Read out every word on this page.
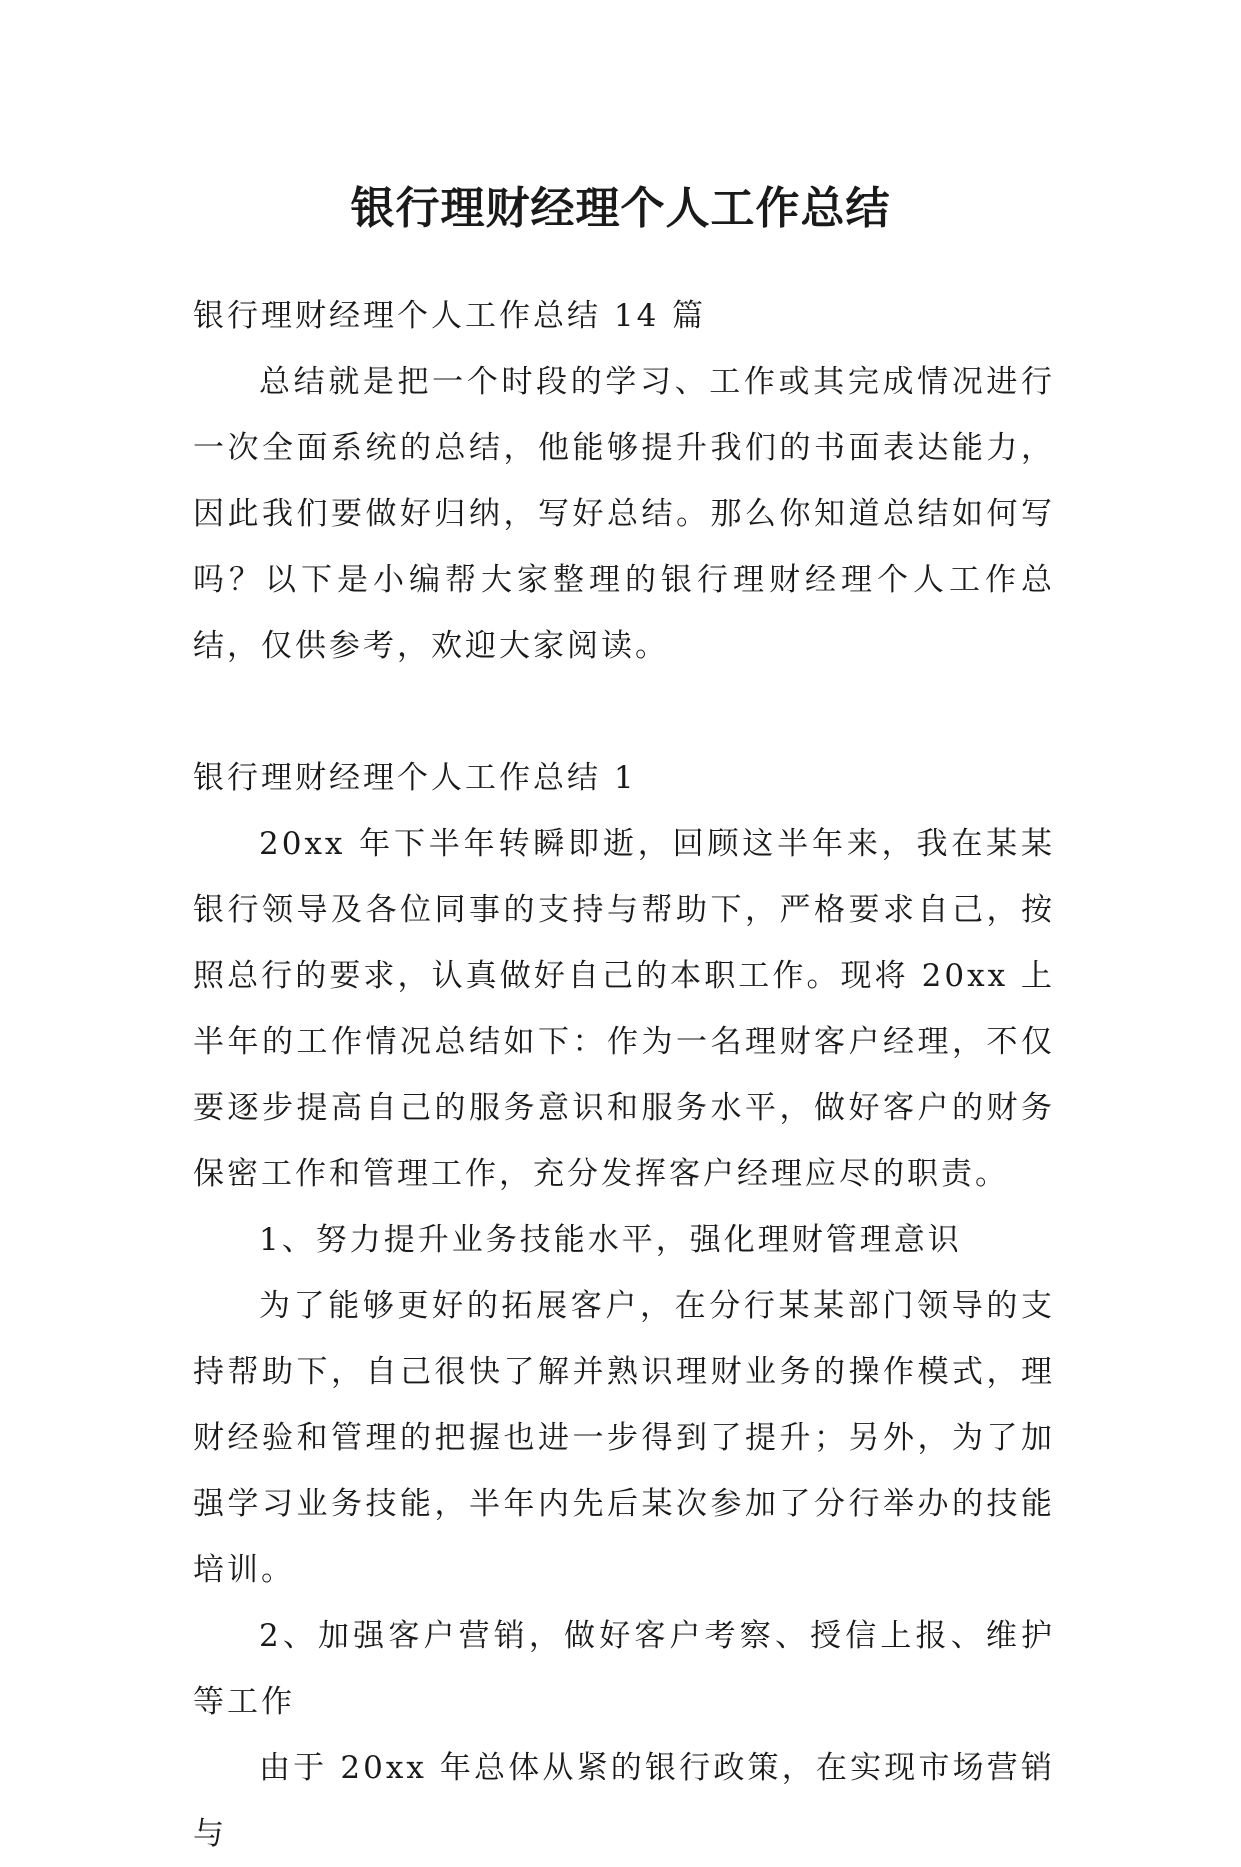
银行理财经理个人工作总结

银行理财经理个人工作总结 14 篇

总结就是把一个时段的学习、工作或其完成情况进行一次全面系统的总结，他能够提升我们的书面表达能力，因此我们要做好归纳，写好总结。那么你知道总结如何写吗？以下是小编帮大家整理的银行理财经理个人工作总结，仅供参考，欢迎大家阅读。

银行理财经理个人工作总结 1

20xx 年下半年转瞬即逝，回顾这半年来，我在某某银行领导及各位同事的支持与帮助下，严格要求自己，按照总行的要求，认真做好自己的本职工作。现将 20xx 上半年的工作情况总结如下：作为一名理财客户经理，不仅要逐步提高自己的服务意识和服务水平，做好客户的财务保密工作和管理工作，充分发挥客户经理应尽的职责。

1、努力提升业务技能水平，强化理财管理意识

为了能够更好的拓展客户，在分行某某部门领导的支持帮助下，自己很快了解并熟识理财业务的操作模式，理财经验和管理的把握也进一步得到了提升；另外，为了加强学习业务技能，半年内先后某次参加了分行举办的技能培训。

2、加强客户营销，做好客户考察、授信上报、维护等工作

由于 20xx 年总体从紧的银行政策，在实现市场营销与
